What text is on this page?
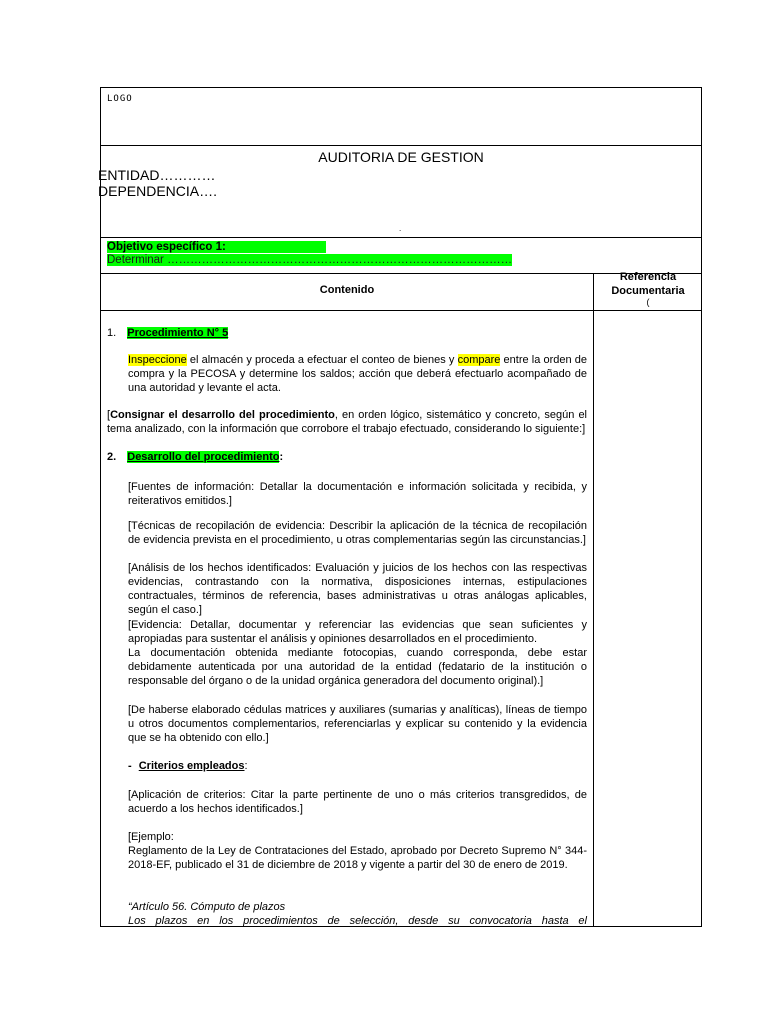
LOGO
AUDITORIA DE GESTION
ENTIDAD…………
DEPENDENCIA….
.
Objetivo específico 1:
Determinar ………………………………………………………………………………
Contenido
Referencia
Documentaria
(
1. Procedimiento N° 5
Inspeccione el almacén y proceda a efectuar el conteo de bienes y compare entre la orden de compra y la PECOSA y determine los saldos; acción que deberá efectuarlo acompañado de una autoridad y levante el acta.
[Consignar el desarrollo del procedimiento, en orden lógico, sistemático y concreto, según el tema analizado, con la información que corrobore el trabajo efectuado, considerando lo siguiente:]
2. Desarrollo del procedimiento:
[Fuentes de información: Detallar la documentación e información solicitada y recibida, y reiterativos emitidos.]
[Técnicas de recopilación de evidencia: Describir la aplicación de la técnica de recopilación de evidencia prevista en el procedimiento, u otras complementarias según las circunstancias.]
[Análisis de los hechos identificados: Evaluación y juicios de los hechos con las respectivas evidencias, contrastando con la normativa, disposiciones internas, estipulaciones contractuales, términos de referencia, bases administrativas u otras análogas aplicables, según el caso.]
[Evidencia: Detallar, documentar y referenciar las evidencias que sean suficientes y apropiadas para sustentar el análisis y opiniones desarrollados en el procedimiento.
La documentación obtenida mediante fotocopias, cuando corresponda, debe estar debidamente autenticada por una autoridad de la entidad (fedatario de la institución o responsable del órgano o de la unidad orgánica generadora del documento original).]
[De haberse elaborado cédulas matrices y auxiliares (sumarias y analíticas), líneas de tiempo u otros documentos complementarios, referenciarlas y explicar su contenido y la evidencia que se ha obtenido con ello.]
- Criterios empleados:
[Aplicación de criterios: Citar la parte pertinente de uno o más criterios transgredidos, de acuerdo a los hechos identificados.]
[Ejemplo:
Reglamento de la Ley de Contrataciones del Estado, aprobado por Decreto Supremo N° 344-2018-EF, publicado el 31 de diciembre de 2018 y vigente a partir del 30 de enero de 2019.
“Artículo 56. Cómputo de plazos
Los plazos en los procedimientos de selección, desde su convocatoria hasta el
